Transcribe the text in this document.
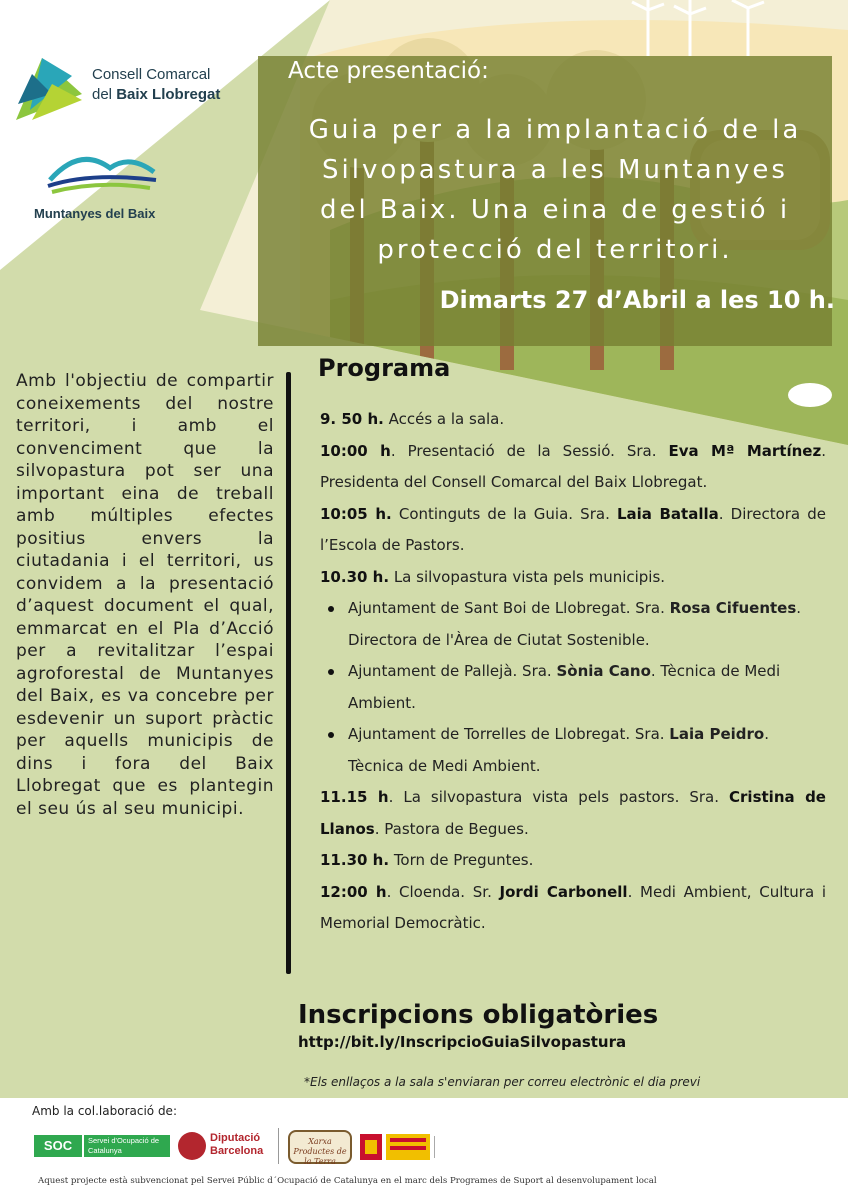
Acte presentació:
Guia per a la implantació de la
Silvopastura a les Muntanyes
del Baix. Una eina de gestió i
protecció del territori.
Dimarts 27 d’Abril a les 10 h.
Consell Comarcal
del Baix Llobregat
Muntanyes del Baix
Amb l'objectiu de compartir coneixements del nostre territori, i amb el convenciment que la silvopastura pot ser una important eina de treball amb múltiples efectes positius envers la ciutadania i el territori, us convidem a la presentació d’aquest document el qual, emmarcat en el Pla d’Acció per a revitalitzar l’espai agroforestal de Muntanyes del Baix, es va concebre per esdevenir un suport pràctic per aquells municipis de dins i fora del Baix Llobregat que es plantegin el seu ús al seu municipi.
Programa
9. 50 h. Accés a la sala.
10:00 h. Presentació de la Sessió. Sra. Eva Mª Martínez. Presidenta del Consell Comarcal del Baix Llobregat.
10:05 h. Continguts de la Guia. Sra. Laia Batalla. Directora de l’Escola de Pastors.
10.30 h. La silvopastura vista pels municipis.
Ajuntament de Sant Boi de Llobregat. Sra. Rosa Cifuentes. Directora de l'Àrea de Ciutat Sostenible.
Ajuntament de Pallejà. Sra. Sònia Cano. Tècnica de Medi Ambient.
Ajuntament de Torrelles de Llobregat. Sra. Laia Peidro. Tècnica de Medi Ambient.
11.15 h. La silvopastura vista pels pastors. Sra. Cristina de Llanos. Pastora de Begues.
11.30 h. Torn de Preguntes.
12:00 h. Cloenda. Sr. Jordi Carbonell. Medi Ambient, Cultura i Memorial Democràtic.
Inscripcions obligatòries
http://bit.ly/InscripcioGuiaSilvopastura
*Els enllaços a la sala s'enviaran per correu electrònic el dia previ
Amb la col.laboració de:
SOC	Servei d'Ocupació de Catalunya
Diputació
Barcelona
Xarxa Productes de la Terra
Aquest projecte està subvencionat pel Servei Públic d´Ocupació de Catalunya en el marc dels Programes de Suport al desenvolupament local
